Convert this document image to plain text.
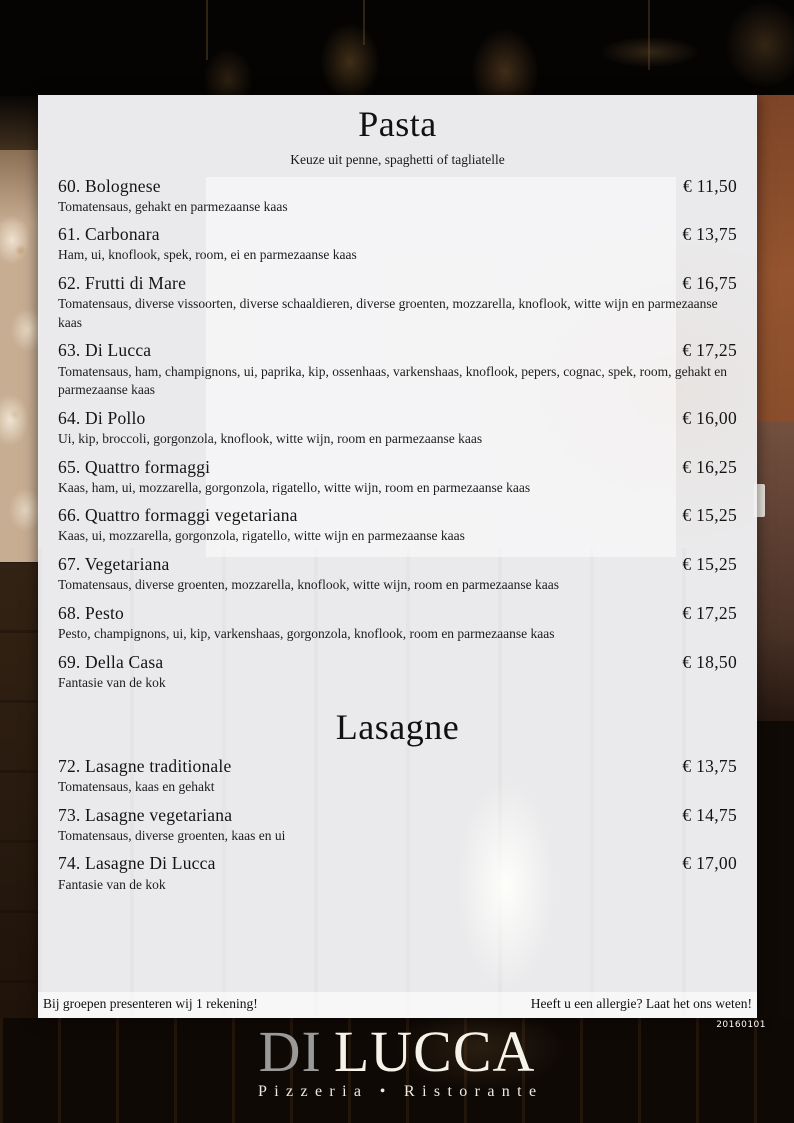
Pasta
Keuze uit penne, spaghetti of tagliatelle
60. Bolognese	€ 11,50
Tomatensaus, gehakt en parmezaanse kaas
61. Carbonara	€ 13,75
Ham, ui, knoflook, spek, room, ei en parmezaanse kaas
62. Frutti di Mare	€ 16,75
Tomatensaus, diverse vissoorten, diverse schaaldieren, diverse groenten, mozzarella, knoflook, witte wijn en parmezaanse kaas
63. Di Lucca	€ 17,25
Tomatensaus, ham, champignons, ui, paprika, kip, ossenhaas, varkenshaas, knoflook, pepers, cognac, spek, room, gehakt en parmezaanse kaas
64. Di Pollo	€ 16,00
Ui, kip, broccoli, gorgonzola, knoflook, witte wijn, room en parmezaanse kaas
65. Quattro formaggi	€ 16,25
Kaas, ham, ui, mozzarella, gorgonzola, rigatello, witte wijn, room en parmezaanse kaas
66. Quattro formaggi vegetariana	€ 15,25
Kaas, ui, mozzarella, gorgonzola, rigatello, witte wijn en parmezaanse kaas
67. Vegetariana	€ 15,25
Tomatensaus, diverse groenten, mozzarella, knoflook, witte wijn, room en parmezaanse kaas
68. Pesto	€ 17,25
Pesto, champignons, ui, kip, varkenshaas, gorgonzola, knoflook, room en parmezaanse kaas
69. Della Casa	€ 18,50
Fantasie van de kok
Lasagne
72. Lasagne traditionale	€ 13,75
Tomatensaus, kaas en gehakt
73. Lasagne vegetariana	€ 14,75
Tomatensaus, diverse groenten, kaas en ui
74. Lasagne Di Lucca	€ 17,00
Fantasie van de kok
Bij groepen presenteren wij 1 rekening!	Heeft u een allergie? Laat het ons weten!
20160101
DI LUCCA
Pizzeria • Ristorante
